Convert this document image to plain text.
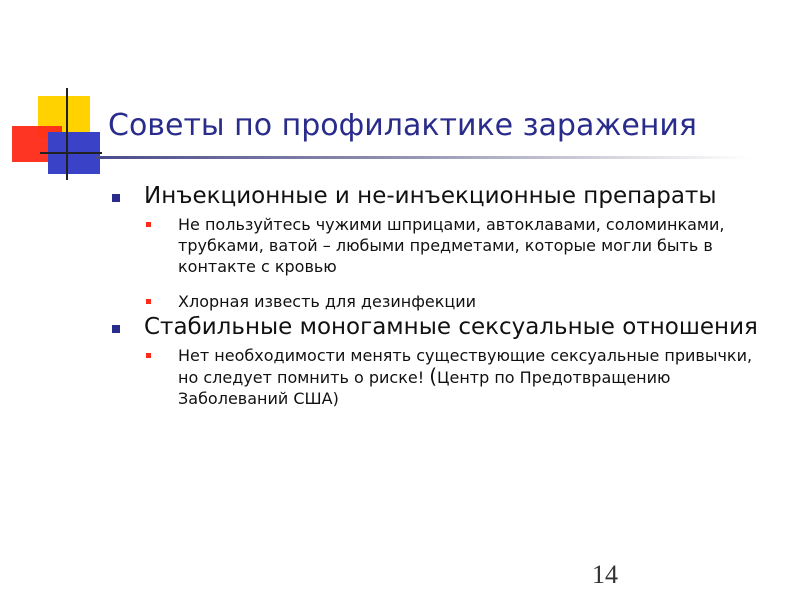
Советы по профилактике заражения
Инъекционные и не-инъекционные препараты
Не пользуйтесь чужими шприцами, автоклавами, соломинками, трубками, ватой – любыми предметами, которые могли быть в контакте с кровью
Хлорная известь для дезинфекции
Стабильные моногамные сексуальные отношения
Нет необходимости менять существующие сексуальные привычки, но следует помнить о риске! (Центр по Предотвращению Заболеваний США)
14
